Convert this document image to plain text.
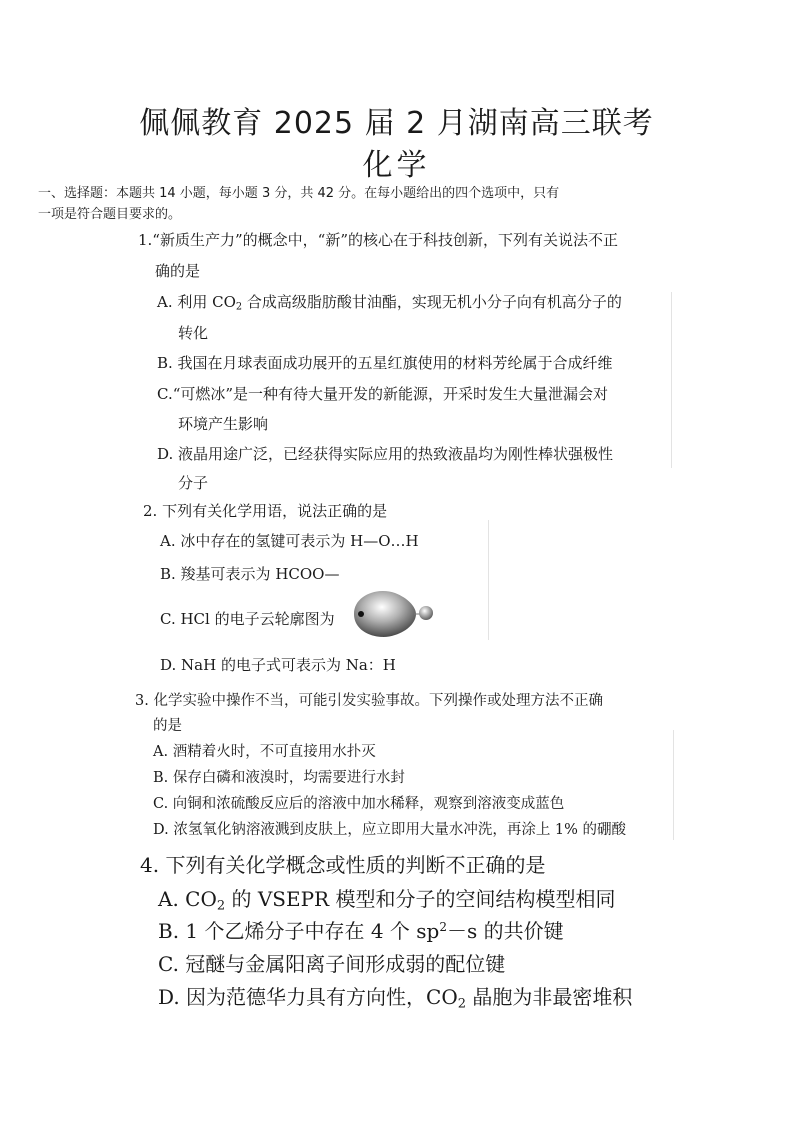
佩佩教育 2025 届 2 月湖南高三联考
化学
一、选择题：本题共 14 小题，每小题 3 分，共 42 分。在每小题给出的四个选项中，只有
一项是符合题目要求的。
1.“新质生产力”的概念中，“新”的核心在于科技创新，下列有关说法不正
确的是
A. 利用 $CO_2$ 合成高级脂肪酸甘油酯，实现无机小分子向有机高分子的
转化
B. 我国在月球表面成功展开的五星红旗使用的材料芳纶属于合成纤维
C.“可燃冰”是一种有待大量开发的新能源，开采时发生大量泄漏会对
环境产生影响
D. 液晶用途广泛，已经获得实际应用的热致液晶均为刚性棒状强极性
分子
2. 下列有关化学用语，说法正确的是
A. 冰中存在的氢键可表示为 H—O…H
B. 羧基可表示为 HCOO—
C. HCl 的电子云轮廓图为
D. NaH 的电子式可表示为 Na：H
3. 化学实验中操作不当，可能引发实验事故。下列操作或处理方法不正确
的是
A. 酒精着火时，不可直接用水扑灭
B. 保存白磷和液溴时，均需要进行水封
C. 向铜和浓硫酸反应后的溶液中加水稀释，观察到溶液变成蓝色
D. 浓氢氧化钠溶液溅到皮肤上，应立即用大量水冲洗，再涂上 1% 的硼酸
4. 下列有关化学概念或性质的判断不正确的是
A. $CO_2$ 的 VSEPR 模型和分子的空间结构模型相同
B. 1 个乙烯分子中存在 4 个 $sp^2-s$ 的共价键
C. 冠醚与金属阳离子间形成弱的配位键
D. 因为范德华力具有方向性，$CO_2$ 晶胞为非最密堆积
